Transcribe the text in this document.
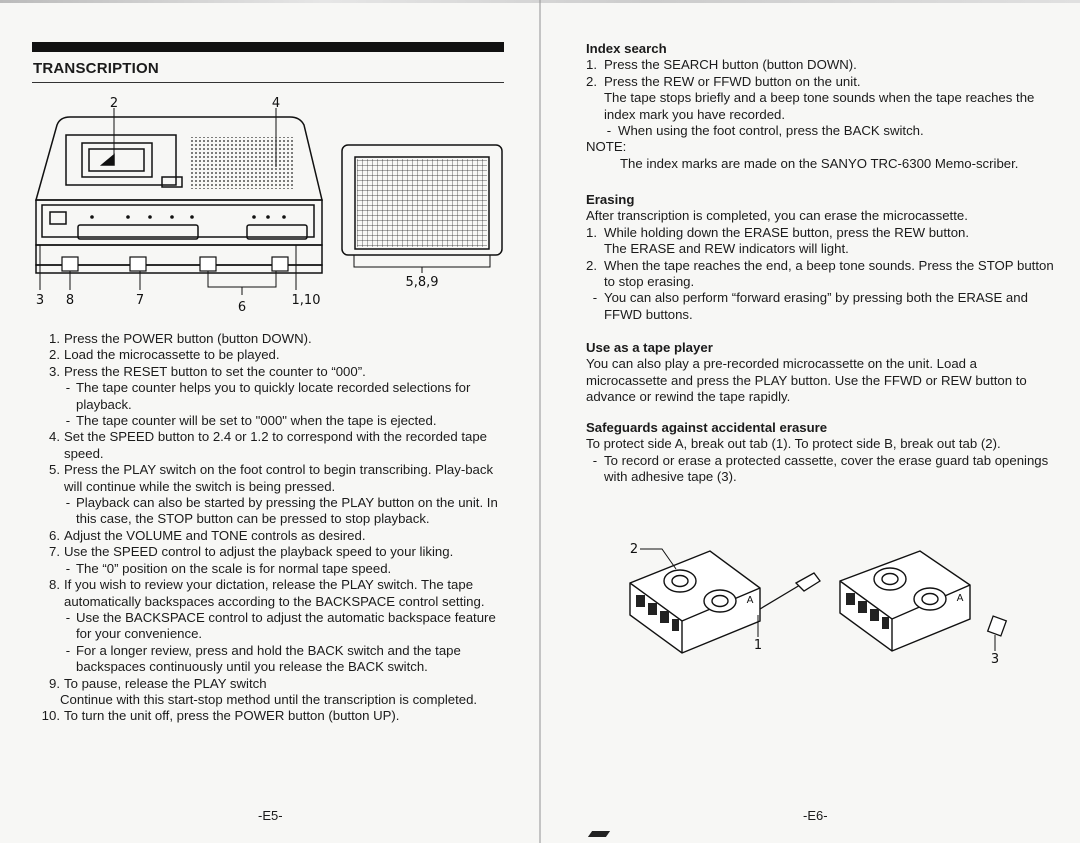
TRANSCRIPTION
2	4
3 8	7	6	1,10
5,8,9
1. Press the POWER button (button DOWN).
2. Load the microcassette to be played.
3. Press the RESET button to set the counter to “000”.
- The tape counter helps you to quickly locate recorded selections for playback.
- The tape counter will be set to "000" when the tape is ejected.
4. Set the SPEED button to 2.4 or 1.2 to correspond with the recorded tape speed.
5. Press the PLAY switch on the foot control to begin transcribing. Play-back will continue while the switch is being pressed.
- Playback can also be started by pressing the PLAY button on the unit. In this case, the STOP button can be pressed to stop playback.
6. Adjust the VOLUME and TONE controls as desired.
7. Use the SPEED control to adjust the playback speed to your liking.
- The “0” position on the scale is for normal tape speed.
8. If you wish to review your dictation, release the PLAY switch. The tape automatically backspaces according to the BACKSPACE control setting.
- Use the BACKSPACE control to adjust the automatic backspace feature for your convenience.
- For a longer review, press and hold the BACK switch and the tape backspaces continuously until you release the BACK switch.
9. To pause, release the PLAY switch
Continue with this start-stop method until the transcription is completed.
10. To turn the unit off, press the POWER button (button UP).
-E5-
Index search
1. Press the SEARCH button (button DOWN).
2. Press the REW or FFWD button on the unit.
The tape stops briefly and a beep tone sounds when the tape reaches the index mark you have recorded.
- When using the foot control, press the BACK switch.
NOTE:
The index marks are made on the SANYO TRC-6300 Memo-scriber.
Erasing

After transcription is completed, you can erase the microcassette.

1. While holding down the ERASE button, press the REW button.
The ERASE and REW indicators will light.
2. When the tape reaches the end, a beep tone sounds. Press the STOP button to stop erasing.
- You can also perform “forward erasing” by pressing both the ERASE and FFWD buttons.
Use as a tape player

You can also play a pre-recorded microcassette on the unit. Load a microcassette and press the PLAY button. Use the FFWD or REW button to advance or rewind the tape rapidly.

Safeguards against accidental erasure

To protect side A, break out tab (1). To protect side B, break out tab (2).

- To record or erase a protected cassette, cover the erase guard tab openings with adhesive tape (3).
2
1
3
A	A
-E6-
